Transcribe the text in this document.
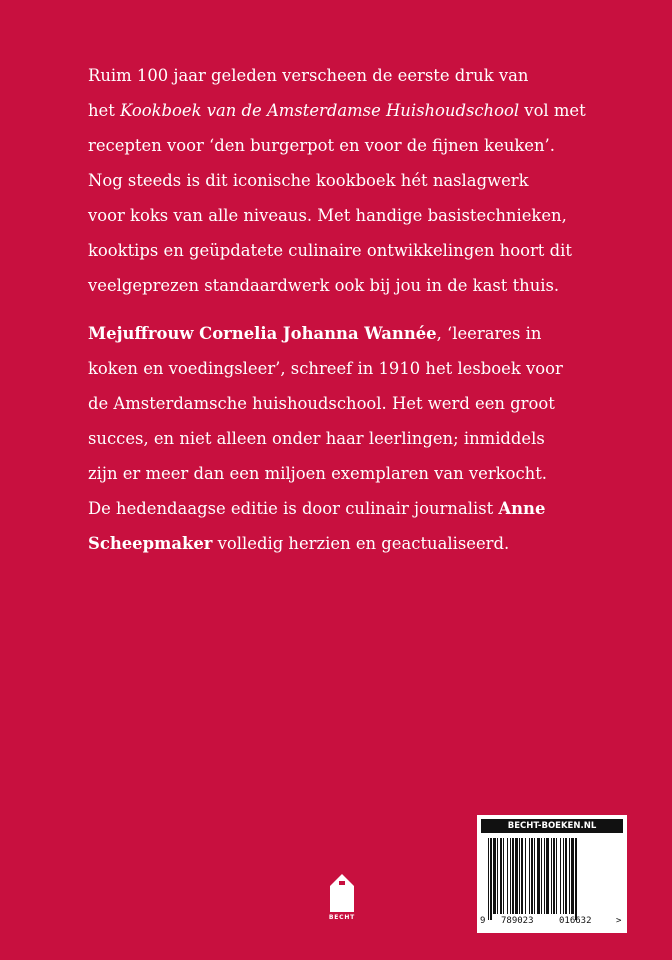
Ruim 100 jaar geleden verscheen de eerste druk van
het Kookboek van de Amsterdamse Huishoudschool vol met
recepten voor ‘den burgerpot en voor de fijnen keuken’.
Nog steeds is dit iconische kookboek hét naslagwerk
voor koks van alle niveaus. Met handige basistechnieken,
kooktips en geüpdatete culinaire ontwikkelingen hoort dit
veelgeprezen standaardwerk ook bij jou in de kast thuis.
Mejuffrouw Cornelia Johanna Wannée, ‘leerares in
koken en voedingsleer’, schreef in 1910 het lesboek voor
de Amsterdamsche huishoudschool. Het werd een groot
succes, en niet alleen onder haar leerlingen; inmiddels
zijn er meer dan een miljoen exemplaren van verkocht.
De hedendaagse editie is door culinair journalist Anne
Scheepmaker volledig herzien en geactualiseerd.
BECHT
BECHT-BOEKEN.NL
9 789023	016632	>
